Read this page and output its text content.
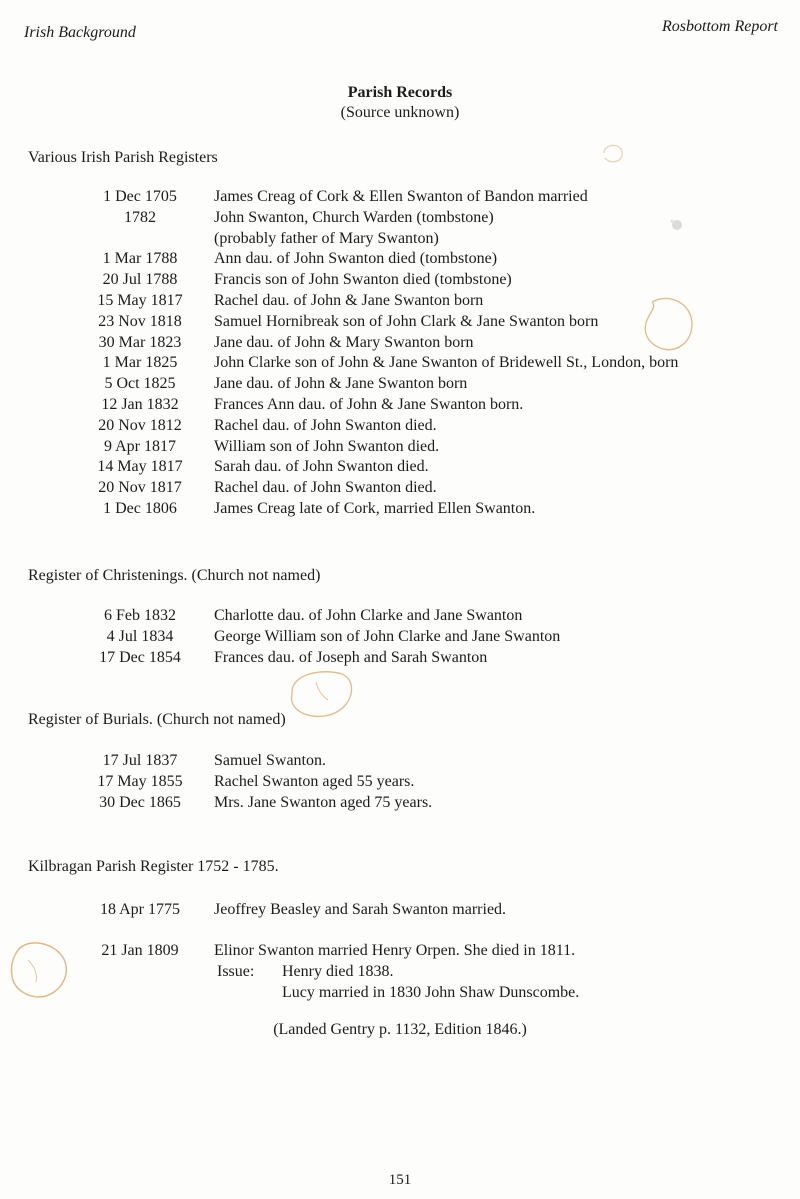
Irish Background	Rosbottom Report
Parish Records
(Source unknown)
Various Irish Parish Registers
1 Dec 1705	James Creag of Cork & Ellen Swanton of Bandon married
1782	John Swanton, Church Warden (tombstone)
(probably father of Mary Swanton)
1 Mar 1788	Ann dau. of John Swanton died (tombstone)
20 Jul 1788	Francis son of John Swanton died (tombstone)
15 May 1817	Rachel dau. of John & Jane Swanton born
23 Nov 1818	Samuel Hornibreak son of John Clark & Jane Swanton born
30 Mar 1823	Jane dau. of John & Mary Swanton born
1 Mar 1825	John Clarke son of John & Jane Swanton of Bridewell St., London, born
5 Oct 1825	Jane dau. of John & Jane Swanton born
12 Jan 1832	Frances Ann dau. of John & Jane Swanton born.
20 Nov 1812	Rachel dau. of John Swanton died.
9 Apr 1817	William son of John Swanton died.
14 May 1817	Sarah dau. of John Swanton died.
20 Nov 1817	Rachel dau. of John Swanton died.
1 Dec 1806	James Creag late of Cork, married Ellen Swanton.
Register of Christenings. (Church not named)
6 Feb 1832	Charlotte dau. of John Clarke and Jane Swanton
4 Jul 1834	George William son of John Clarke and Jane Swanton
17 Dec 1854	Frances dau. of Joseph and Sarah Swanton
Register of Burials. (Church not named)
17 Jul 1837	Samuel Swanton.
17 May 1855	Rachel Swanton aged 55 years.
30 Dec 1865	Mrs. Jane Swanton aged 75 years.
Kilbragan Parish Register 1752 - 1785.
18 Apr 1775	Jeoffrey Beasley and Sarah Swanton married.
21 Jan 1809	Elinor Swanton married Henry Orpen. She died in 1811.
Issue: Henry died 1838.
Lucy married in 1830 John Shaw Dunscombe.
(Landed Gentry p. 1132, Edition 1846.)
151
